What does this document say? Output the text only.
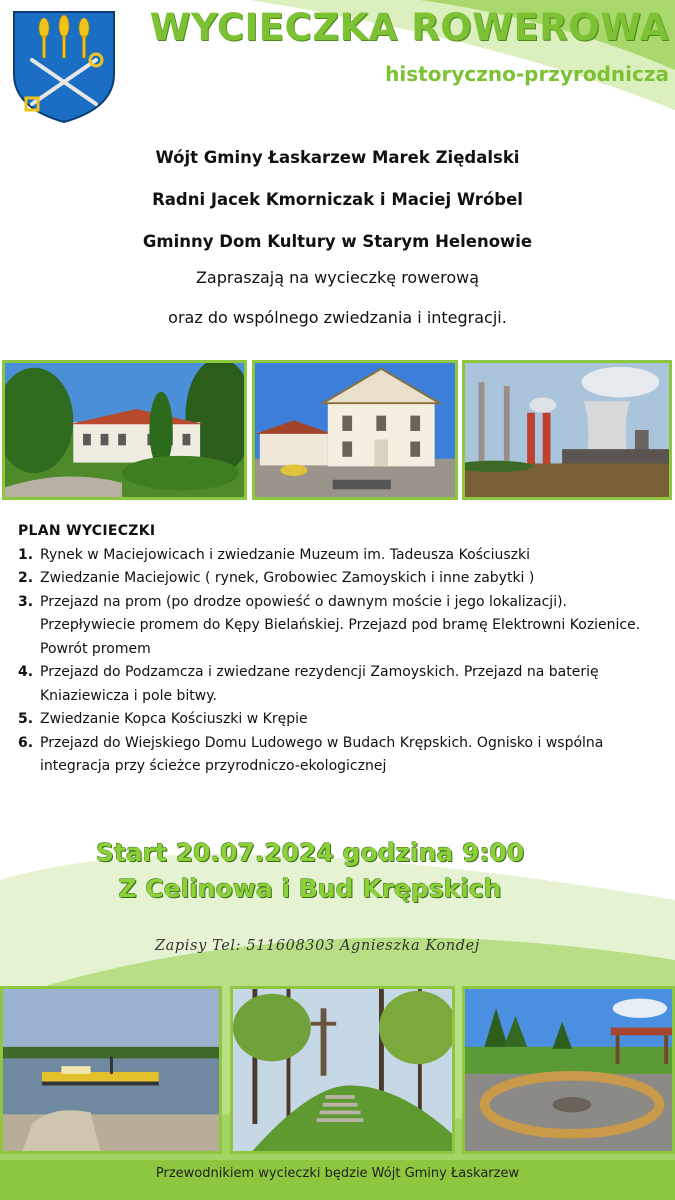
WYCIECZKA ROWEROWA
historyczno-przyrodnicza
Wójt Gminy Łaskarzew Marek Ziędalski
Radni Jacek Kmorniczak i Maciej Wróbel
Gminny Dom Kultury w Starym Helenowie
Zapraszają na wycieczkę rowerową
oraz do wspólnego zwiedzania i integracji.
PLAN WYCIECZKI
1. Rynek w Maciejowicach i zwiedzanie Muzeum im. Tadeusza Kościuszki
2. Zwiedzanie Maciejowic ( rynek, Grobowiec Zamoyskich i inne zabytki )
3. Przejazd na prom (po drodze opowieść o dawnym moście i jego lokalizacji). Przepływiecie promem do Kępy Bielańskiej. Przejazd pod bramę Elektrowni Kozienice. Powrót promem
4. Przejazd do Podzamcza i zwiedzane rezydencji Zamoyskich. Przejazd na baterię Kniaziewicza i pole bitwy.
5. Zwiedzanie Kopca Kościuszki w Krępie
6. Przejazd do Wiejskiego Domu Ludowego w Budach Krępskich. Ognisko i wspólna integracja przy ścieżce przyrodniczo-ekologicznej
Start 20.07.2024 godzina 9:00
Z Celinowa i Bud Krępskich
Zapisy Tel: 511608303 Agnieszka Kondej
Przewodnikiem wycieczki będzie Wójt Gminy Łaskarzew
